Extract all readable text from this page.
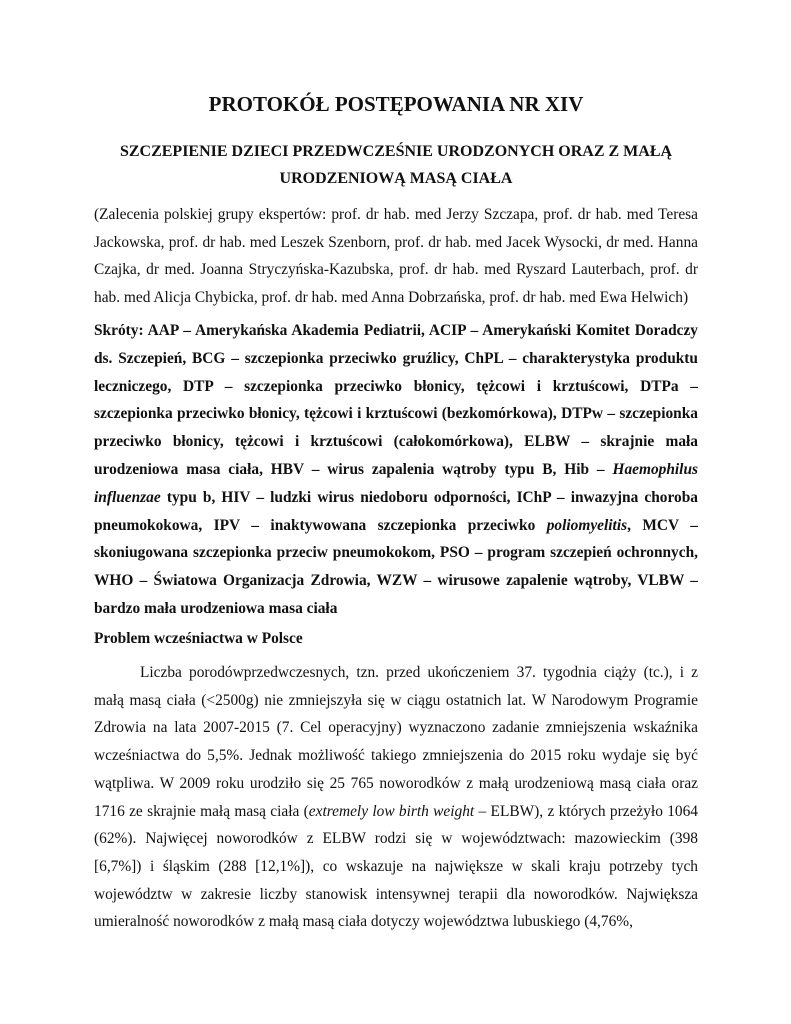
PROTOKÓŁ POSTĘPOWANIA NR XIV
SZCZEPIENIE DZIECI PRZEDWCZEŚNIE URODZONYCH ORAZ Z MAŁĄ
URODZENIOWĄ MASĄ CIAŁA

(Zalecenia polskiej grupy ekspertów: prof. dr hab. med Jerzy Szczapa, prof. dr hab. med Teresa Jackowska, prof. dr hab. med Leszek Szenborn, prof. dr hab. med Jacek Wysocki, dr med. Hanna Czajka, dr med. Joanna Stryczyńska-Kazubska, prof. dr hab. med Ryszard Lauterbach, prof. dr hab. med Alicja Chybicka, prof. dr hab. med Anna Dobrzańska, prof. dr hab. med Ewa Helwich)

Skróty: AAP – Amerykańska Akademia Pediatrii, ACIP – Amerykański Komitet Doradczy ds. Szczepień, BCG – szczepionka przeciwko gruźlicy, ChPL – charakterystyka produktu leczniczego, DTP – szczepionka przeciwko błonicy, tężcowi i krztuścowi, DTPa – szczepionka przeciwko błonicy, tężcowi i krztuścowi (bezkomórkowa), DTPw – szczepionka przeciwko błonicy, tężcowi i krztuścowi (całokomórkowa), ELBW – skrajnie mała urodzeniowa masa ciała, HBV – wirus zapalenia wątroby typu B, Hib – Haemophilus influenzae typu b, HIV – ludzki wirus niedoboru odporności, IChP – inwazyjna choroba pneumokokowa, IPV – inaktywowana szczepionka przeciwko poliomyelitis, MCV – skoniugowana szczepionka przeciw pneumokokom, PSO – program szczepień ochronnych, WHO – Światowa Organizacja Zdrowia, WZW – wirusowe zapalenie wątroby, VLBW – bardzo mała urodzeniowa masa ciała

Problem wcześniactwa w Polsce

Liczba porodówprzedwczesnych, tzn. przed ukończeniem 37. tygodnia ciąży (tc.), i z małą masą ciała (<2500g) nie zmniejszyła się w ciągu ostatnich lat. W Narodowym Programie Zdrowia na lata 2007-2015 (7. Cel operacyjny) wyznaczono zadanie zmniejszenia wskaźnika wcześniactwa do 5,5%. Jednak możliwość takiego zmniejszenia do 2015 roku wydaje się być wątpliwa. W 2009 roku urodziło się 25 765 noworodków z małą urodzeniową masą ciała oraz 1716 ze skrajnie małą masą ciała (extremely low birth weight – ELBW), z których przeżyło 1064 (62%). Najwięcej noworodków z ELBW rodzi się w województwach: mazowieckim (398 [6,7%]) i śląskim (288 [12,1%]), co wskazuje na największe w skali kraju potrzeby tych województw w zakresie liczby stanowisk intensywnej terapii dla noworodków. Największa umieralność noworodków z małą masą ciała dotyczy województwa lubuskiego (4,76%,
